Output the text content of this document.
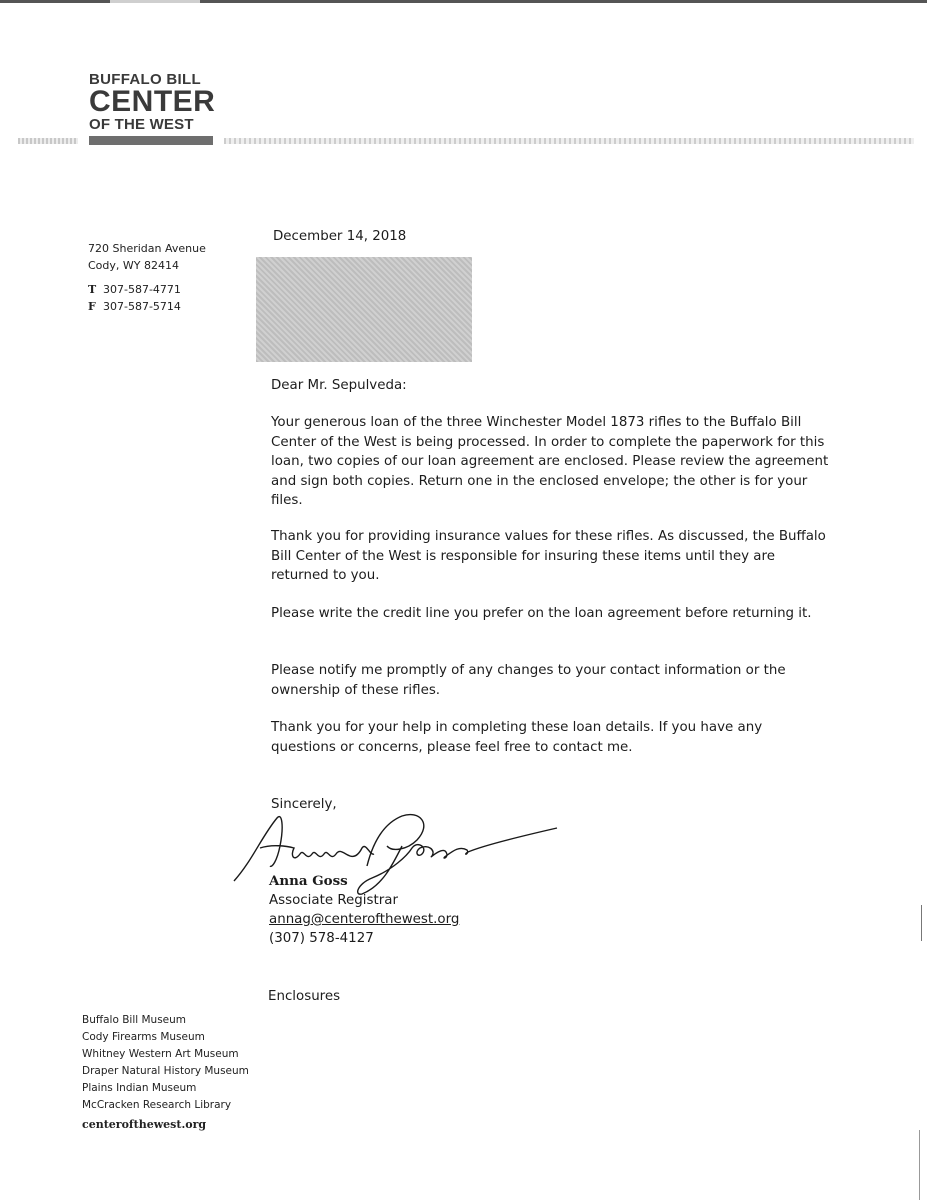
BUFFALO BILL
CENTER
OF THE WEST
720 Sheridan Avenue
Cody, WY 82414
T 307-587-4771
F 307-587-5714
December 14, 2018

Dear Mr. Sepulveda:

Your generous loan of the three Winchester Model 1873 rifles to the Buffalo Bill Center of the West is being processed. In order to complete the paperwork for this loan, two copies of our loan agreement are enclosed. Please review the agreement and sign both copies. Return one in the enclosed envelope; the other is for your files.

Thank you for providing insurance values for these rifles. As discussed, the Buffalo Bill Center of the West is responsible for insuring these items until they are returned to you.

Please write the credit line you prefer on the loan agreement before returning it.

Please notify me promptly of any changes to your contact information or the ownership of these rifles.

Thank you for your help in completing these loan details. If you have any questions or concerns, please feel free to contact me.

Sincerely,

Anna Goss
Associate Registrar
annag@centerofthewest.org
(307) 578-4127
Enclosures
Buffalo Bill Museum
Cody Firearms Museum
Whitney Western Art Museum
Draper Natural History Museum
Plains Indian Museum
McCracken Research Library
centerofthewest.org
